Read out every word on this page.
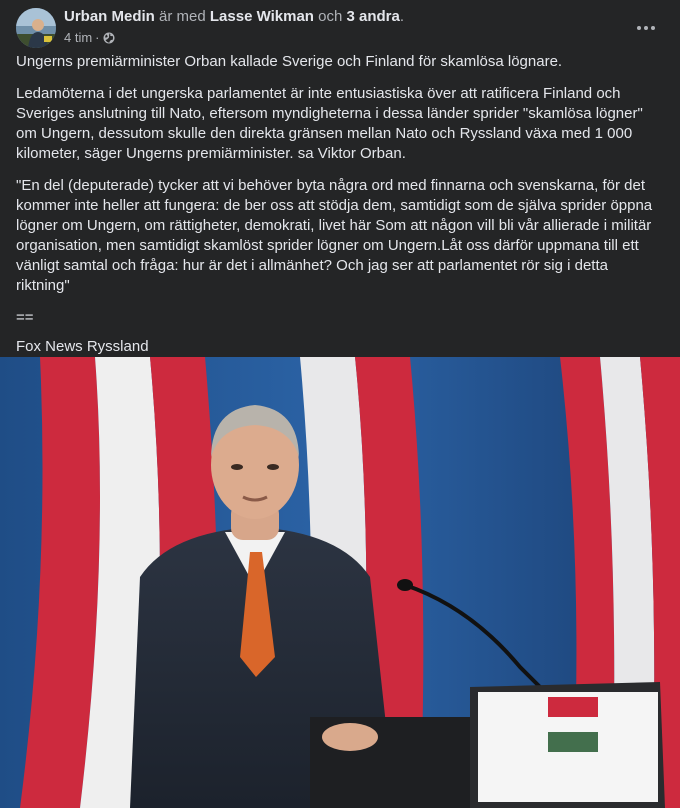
Urban Medin är med Lasse Wikman och 3 andra.
4 tim ·

Ungerns premiärminister Orban kallade Sverige och Finland för skamlösa lögnare.

Ledamöterna i det ungerska parlamentet är inte entusiastiska över att ratificera Finland och Sveriges anslutning till Nato, eftersom myndigheterna i dessa länder sprider "skamlösa lögner" om Ungern, dessutom skulle den direkta gränsen mellan Nato och Ryssland växa med 1 000 kilometer, säger Ungerns premiärminister. sa Viktor Orban.

"En del (deputerade) tycker att vi behöver byta några ord med finnarna och svenskarna, för det kommer inte heller att fungera: de ber oss att stödja dem, samtidigt som de själva sprider öppna lögner om Ungern, om rättigheter, demokrati, livet här Som att någon vill bli vår allierade i militär organisation, men samtidigt skamlöst sprider lögner om Ungern.Låt oss därför uppmana till ett vänligt samtal och fråga: hur är det i allmänhet? Och jag ser att parlamentet rör sig i detta riktning"

==

Fox News Ryssland
